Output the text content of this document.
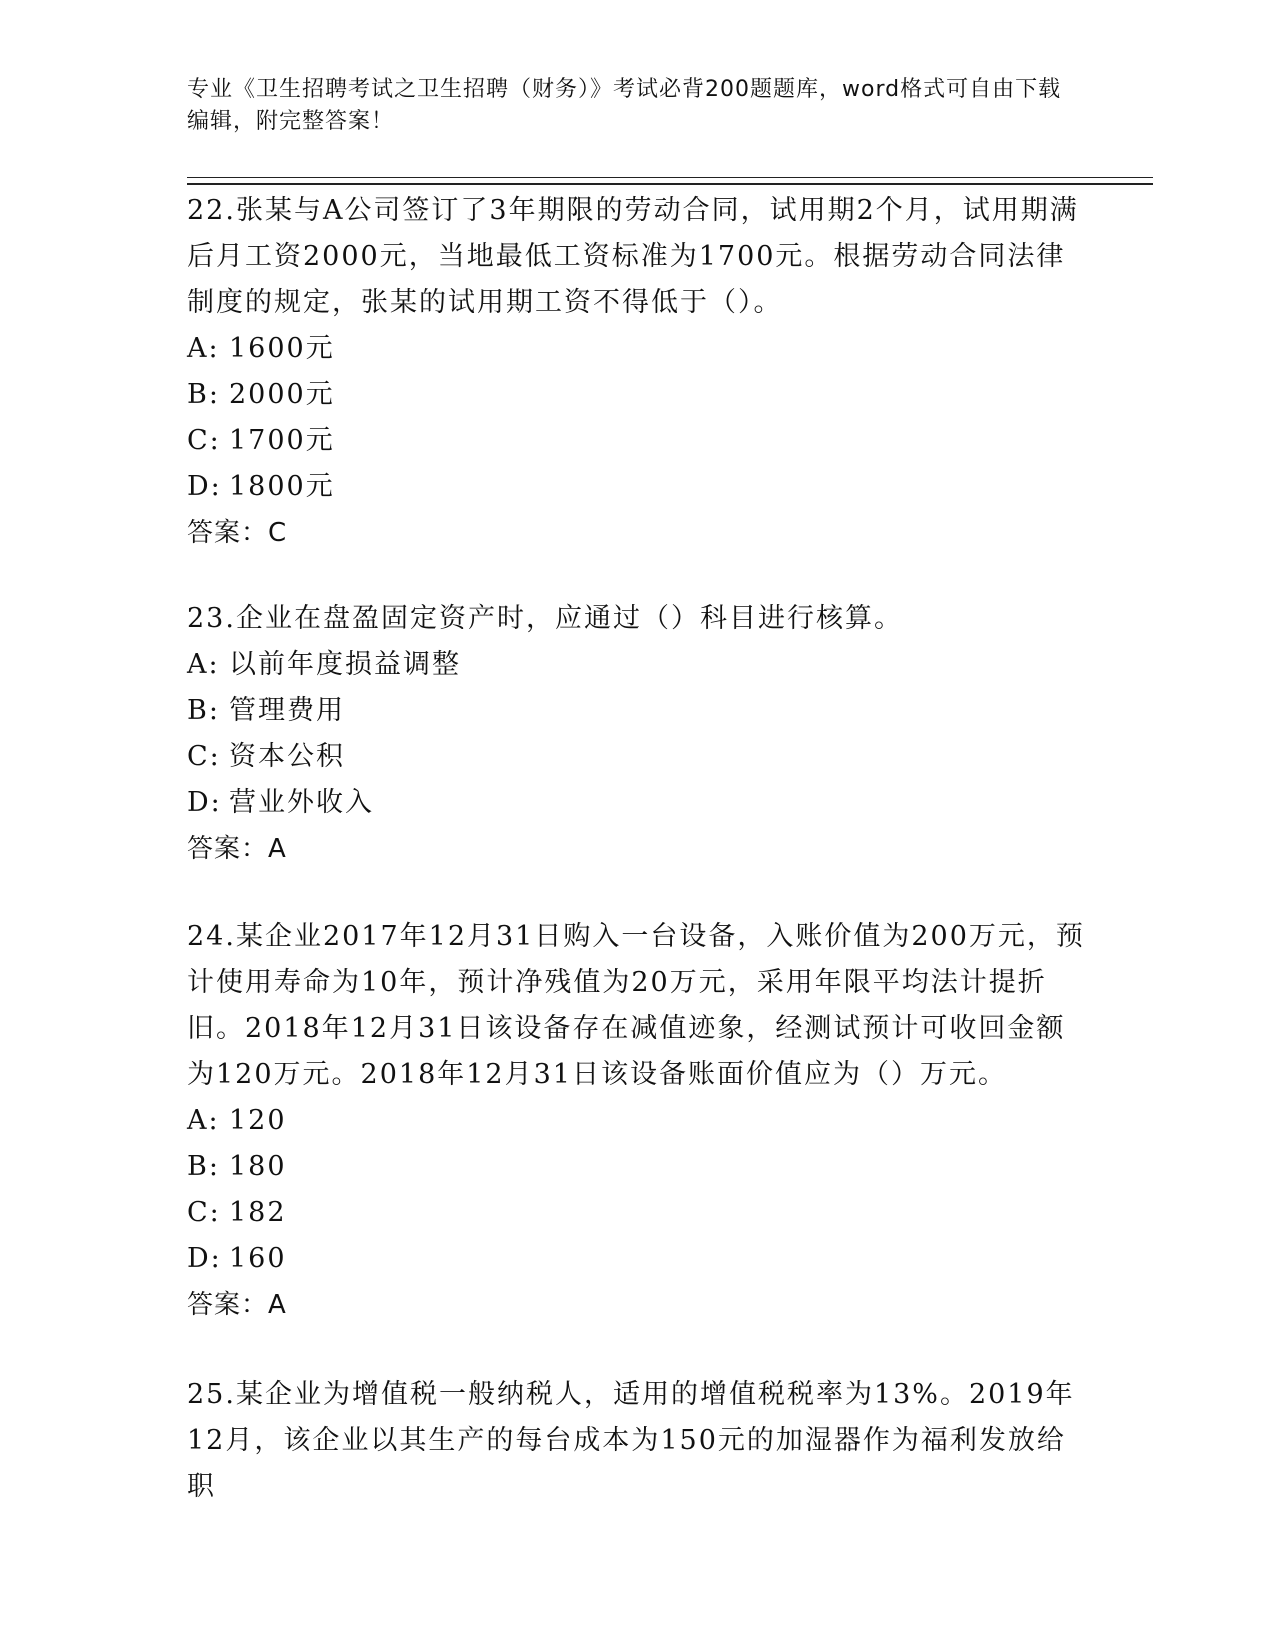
专业《卫生招聘考试之卫生招聘（财务）》考试必背200题题库，word格式可自由下载编辑，附完整答案！

22.张某与A公司签订了3年期限的劳动合同，试用期2个月，试用期满后月工资2000元，当地最低工资标准为1700元。根据劳动合同法律制度的规定，张某的试用期工资不得低于（）。

A: 1600元
B: 2000元
C: 1700元
D: 1800元
答案：C

23.企业在盘盈固定资产时，应通过（）科目进行核算。

A: 以前年度损益调整
B: 管理费用
C: 资本公积
D: 营业外收入
答案：A

24.某企业2017年12月31日购入一台设备，入账价值为200万元，预计使用寿命为10年，预计净残值为20万元，采用年限平均法计提折旧。2018年12月31日该设备存在减值迹象，经测试预计可收回金额为120万元。2018年12月31日该设备账面价值应为（）万元。

A: 120
B: 180
C: 182
D: 160
答案：A

25.某企业为增值税一般纳税人，适用的增值税税率为13%。2019年12月，该企业以其生产的每台成本为150元的加湿器作为福利发放给职
